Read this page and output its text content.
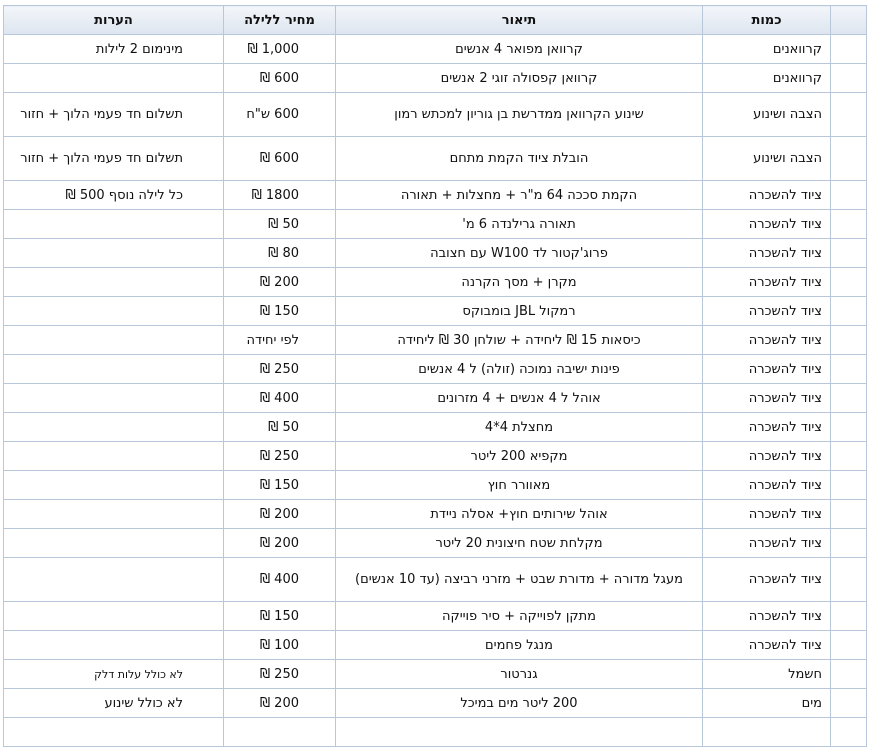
	כמות	תיאור	מחיר ללילה	הערות
	קרוואנים	קרוואן מפואר 4 אנשים	1,000 ₪	מינימום 2 לילות
	קרוואנים	קרוואן קפסולה זוגי 2 אנשים	600 ₪	
	הצבה ושינוע	שינוע הקרוואן ממדרשת בן גוריון למכתש רמון	600 ש"ח	תשלום חד פעמי הלוך + חזור
	הצבה ושינוע	הובלת ציוד הקמת מתחם	600 ₪	תשלום חד פעמי הלוך + חזור
	ציוד להשכרה	הקמת סככה 64 מ"ר + מחצלות + תאורה	1800 ₪	כל לילה נוסף 500 ₪
	ציוד להשכרה	תאורה גרילנדה 6 מ'	50 ₪	
	ציוד להשכרה	פרוג'קטור לד W100 עם חצובה	80 ₪	
	ציוד להשכרה	מקרן + מסך הקרנה	200 ₪	
	ציוד להשכרה	רמקול JBL בומבוקס	150 ₪	
	ציוד להשכרה	כיסאות 15 ₪ ליחידה + שולחן 30 ₪ ליחידה	לפי יחידה	
	ציוד להשכרה	פינות ישיבה נמוכה (זולה) ל 4 אנשים	250 ₪	
	ציוד להשכרה	אוהל ל 4 אנשים + 4 מזרונים	400 ₪	
	ציוד להשכרה	מחצלת 4*4	50 ₪	
	ציוד להשכרה	מקפיא 200 ליטר	250 ₪	
	ציוד להשכרה	מאוורר חוץ	150 ₪	
	ציוד להשכרה	אוהל שירותים חוץ+ אסלה ניידת	200 ₪	
	ציוד להשכרה	מקלחת שטח חיצונית 20 ליטר	200 ₪	
	ציוד להשכרה	מעגל מדורה + מדורת שבט + מזרני רביצה (עד 10 אנשים)	400 ₪	
	ציוד להשכרה	מתקן לפוייקה + סיר פוייקה	150 ₪	
	ציוד להשכרה	מנגל פחמים	100 ₪	
	חשמל	גנרטור	250 ₪	לא כולל עלות דלק
	מים	200 ליטר מים במיכל	200 ₪	לא כולל שינוע
